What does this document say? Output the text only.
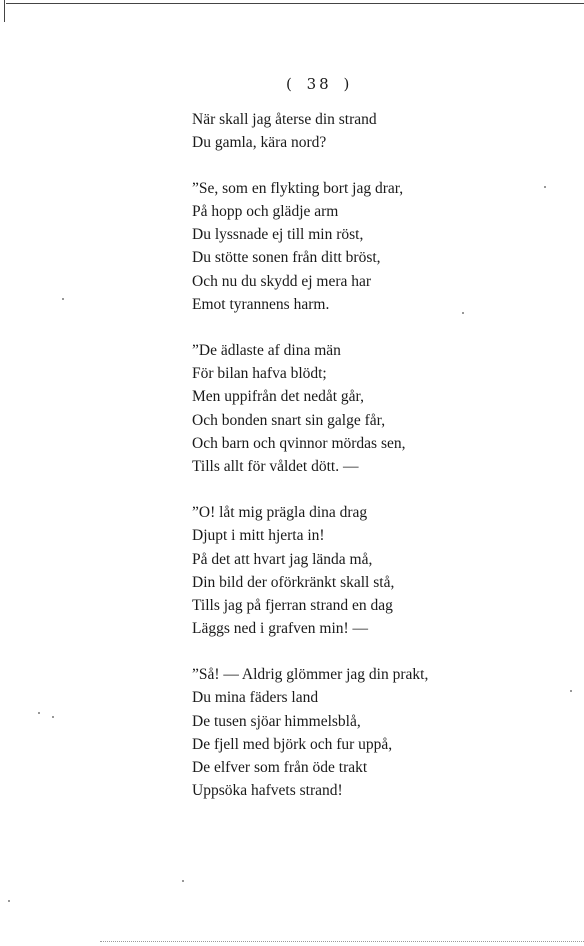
( 38 )
När skall jag återse din strand
Du gamla, kära nord?
”Se, som en flykting bort jag drar,
På hopp och glädje arm
Du lyssnade ej till min röst,
Du stötte sonen från ditt bröst,
Och nu du skydd ej mera har
Emot tyrannens harm.
”De ädlaste af dina män
För bilan hafva blödt;
Men uppifrån det nedåt går,
Och bonden snart sin galge får,
Och barn och qvinnor mördas sen,
Tills allt för våldet dött. —
”O! låt mig prägla dina drag
Djupt i mitt hjerta in!
På det att hvart jag lända må,
Din bild der oförkränkt skall stå,
Tills jag på fjerran strand en dag
Läggs ned i grafven min! —
”Så! — Aldrig glömmer jag din prakt,
Du mina fäders land
De tusen sjöar himmelsblå,
De fjell med björk och fur uppå,
De elfver som från öde trakt
Uppsöka hafvets strand!
